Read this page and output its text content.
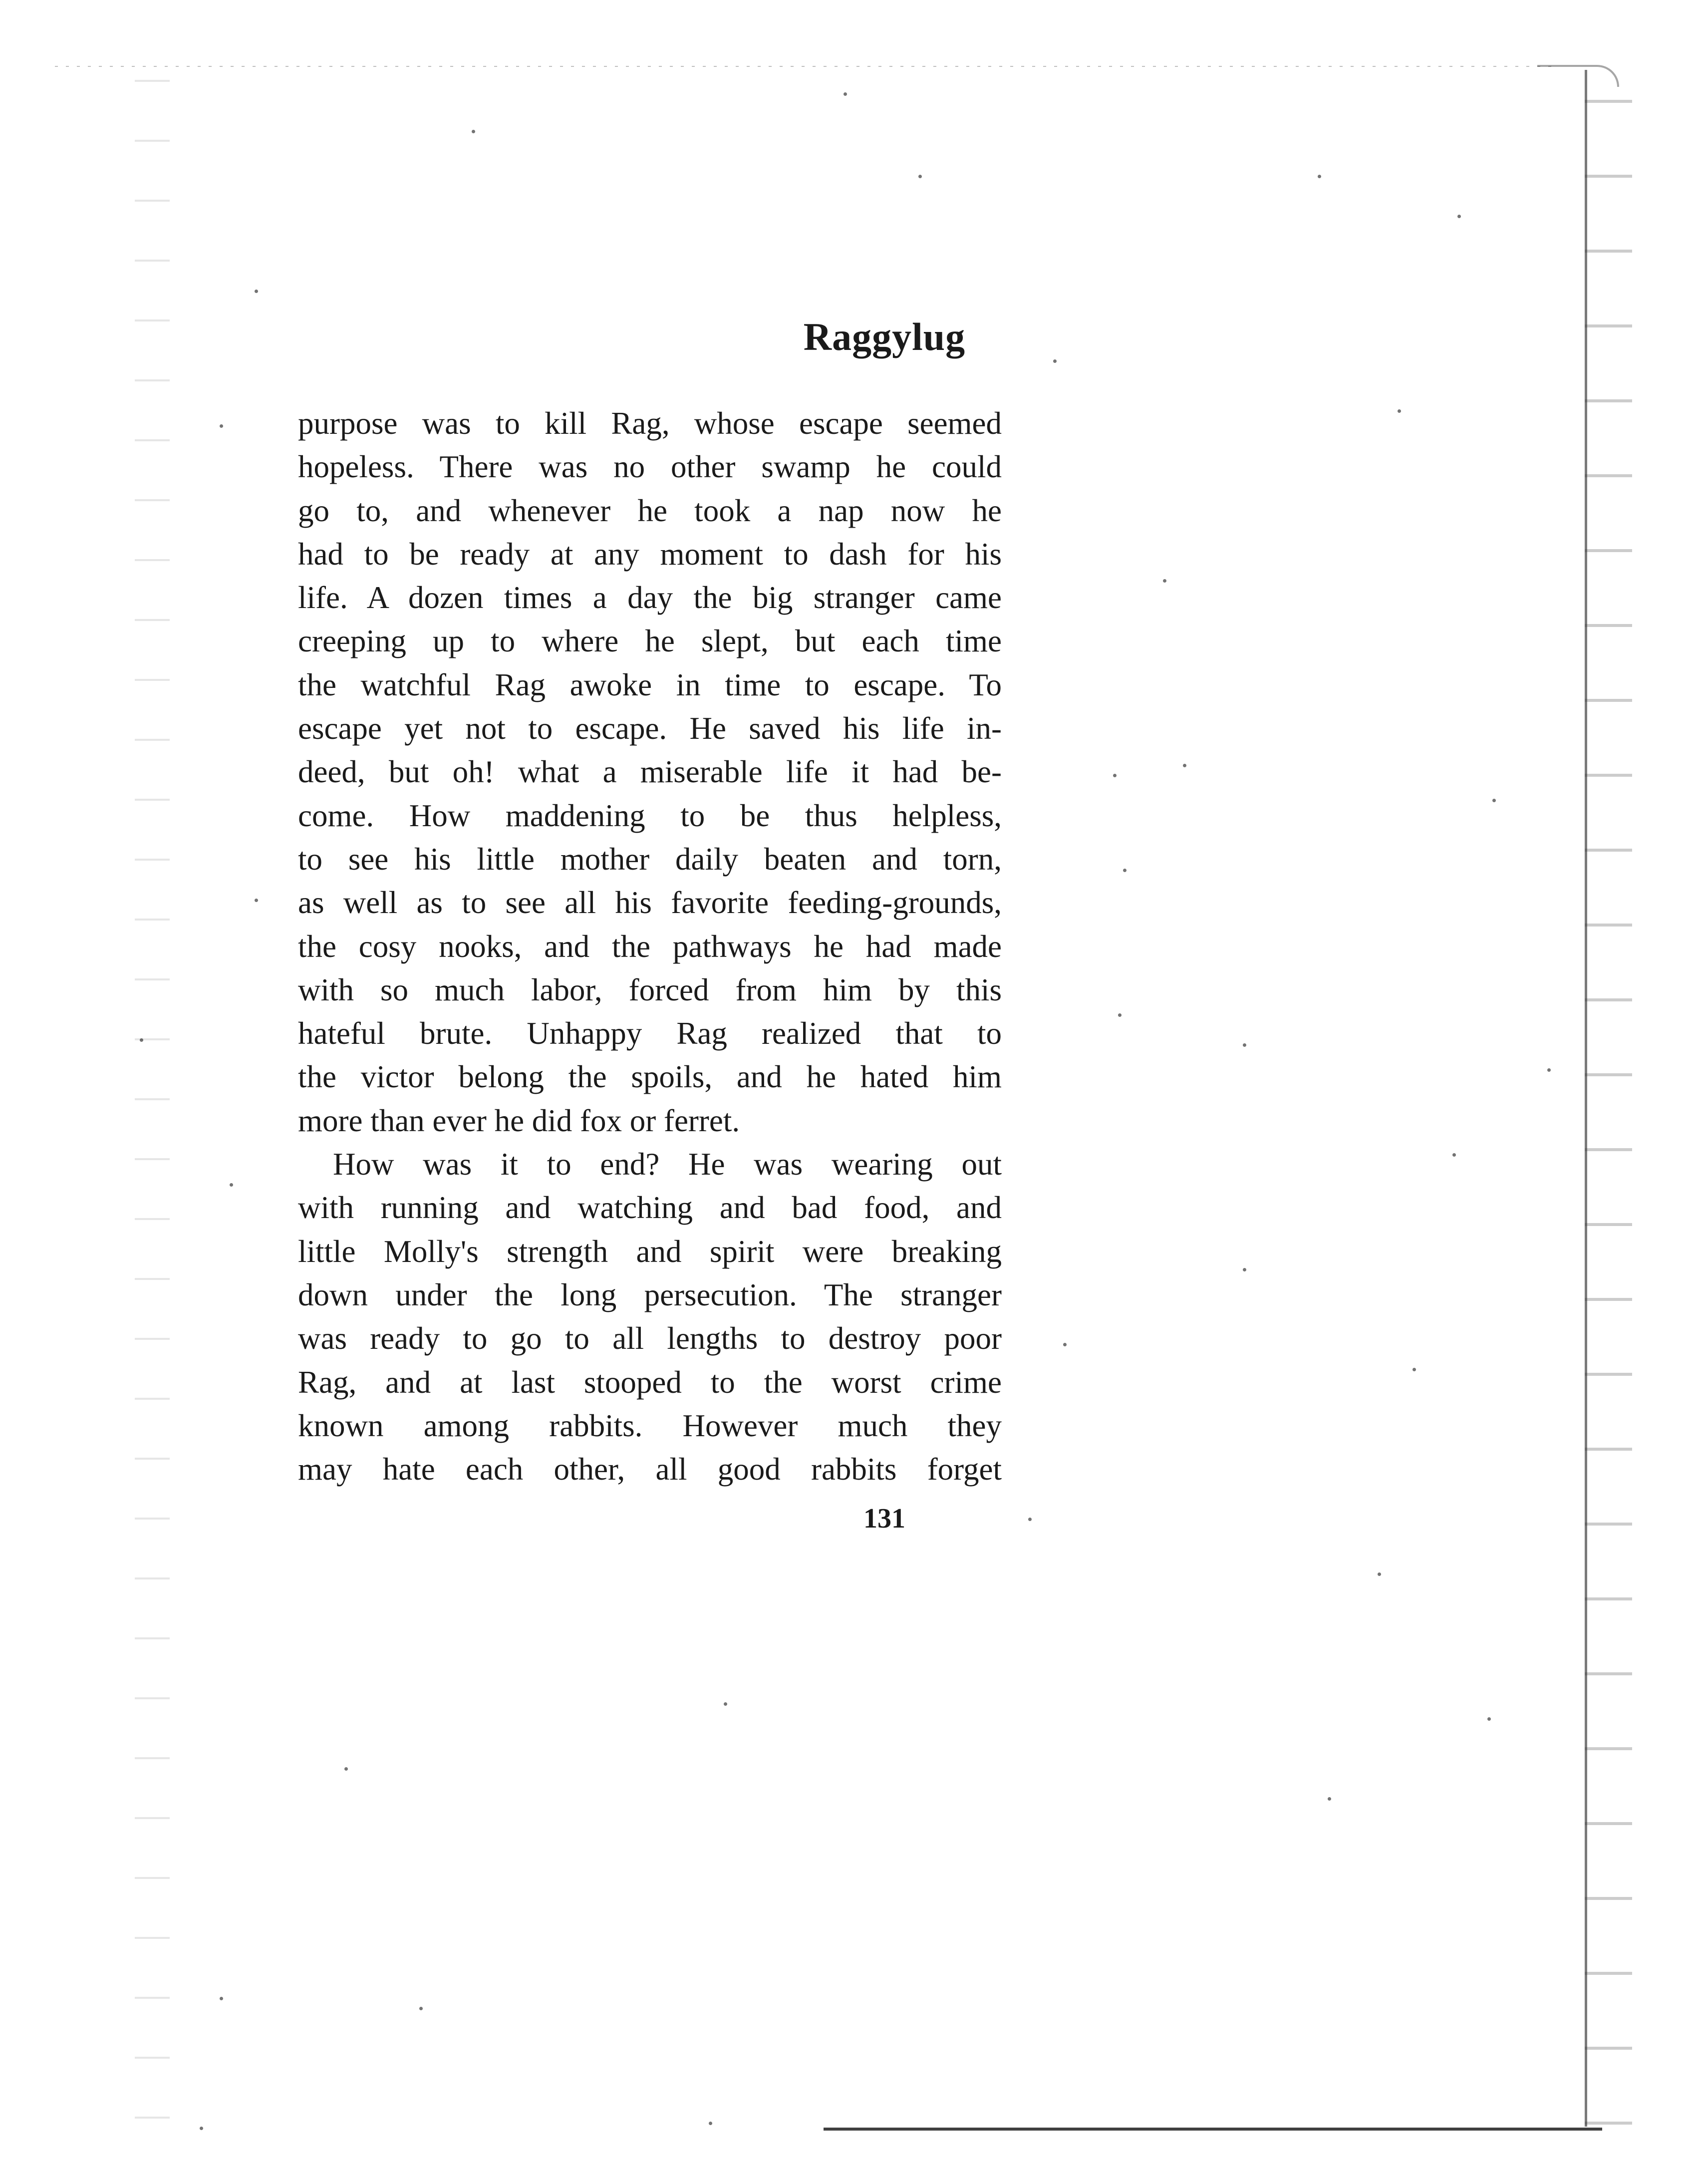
Raggylug
purpose was to kill Rag, whose escape seemed
hopeless. There was no other swamp he could
go to, and whenever he took a nap now he
had to be ready at any moment to dash for his
life. A dozen times a day the big stranger came
creeping up to where he slept, but each time
the watchful Rag awoke in time to escape. To
escape yet not to escape. He saved his life in-
deed, but oh! what a miserable life it had be-
come. How maddening to be thus helpless,
to see his little mother daily beaten and torn,
as well as to see all his favorite feeding-grounds,
the cosy nooks, and the pathways he had made
with so much labor, forced from him by this
hateful brute. Unhappy Rag realized that to
the victor belong the spoils, and he hated him
more than ever he did fox or ferret.
How was it to end? He was wearing out
with running and watching and bad food, and
little Molly's strength and spirit were breaking
down under the long persecution. The stranger
was ready to go to all lengths to destroy poor
Rag, and at last stooped to the worst crime
known among rabbits. However much they
may hate each other, all good rabbits forget
131
